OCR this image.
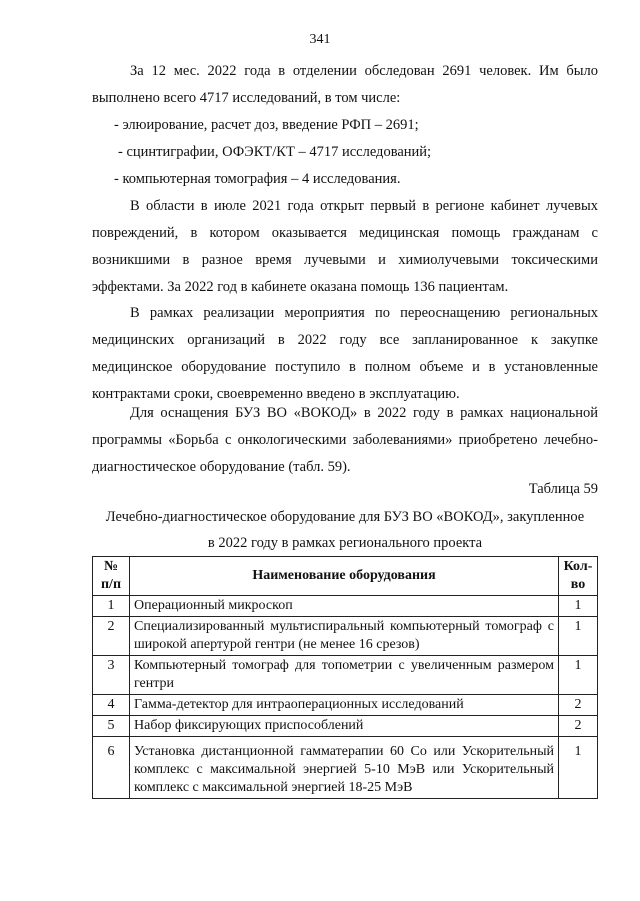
341

За 12 мес. 2022 года в отделении обследован 2691 человек. Им было выполнено всего 4717 исследований, в том числе:

- элюирование, расчет доз, введение РФП – 2691;

- сцинтиграфии, ОФЭКТ/КТ – 4717 исследований;

- компьютерная томография – 4 исследования.

В области в июле 2021 года открыт первый в регионе кабинет лучевых повреждений, в котором оказывается медицинская помощь гражданам с возникшими в разное время лучевыми и химиолучевыми токсическими эффектами. За 2022 год в кабинете оказана помощь 136 пациентам.

В рамках реализации мероприятия по переоснащению региональных медицинских организаций в 2022 году все запланированное к закупке медицинское оборудование поступило в полном объеме и в установленные контрактами сроки, своевременно введено в эксплуатацию.

Для оснащения БУЗ ВО «ВОКОД» в 2022 году в рамках национальной программы «Борьба с онкологическими заболеваниями» приобретено лечебно-диагностическое оборудование (табл. 59).

Таблица 59
Лечебно-диагностическое оборудование для БУЗ ВО «ВОКОД», закупленное
в 2022 году в рамках регионального проекта
№ п/п	Наименование оборудования	Кол-во
1	Операционный микроскоп	1
2	Специализированный мультиспиральный компьютерный томограф с широкой апертурой гентри (не менее 16 срезов)	1
3	Компьютерный томограф для топометрии с увеличенным размером гентри	1
4	Гамма-детектор для интраоперационных исследований	2
5	Набор фиксирующих приспособлений	2
6	Установка дистанционной гамматерапии 60 Со или Ускорительный комплекс с максимальной энергией 5-10 МэВ или Ускорительный комплекс с максимальной энергией 18-25 МэВ	1
